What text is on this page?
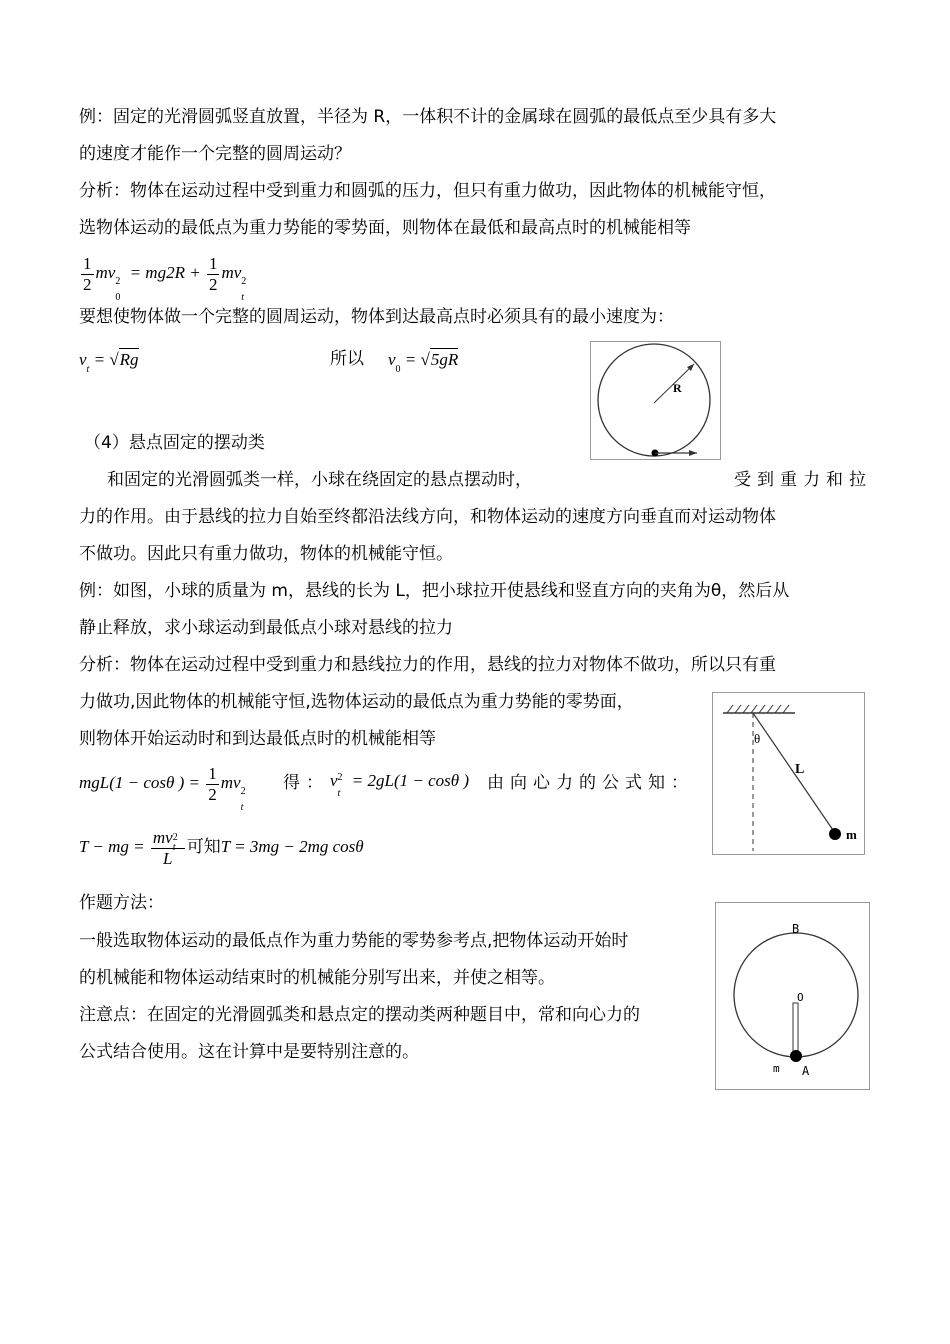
例：固定的光滑圆弧竖直放置，半径为 R，一体积不计的金属球在圆弧的最低点至少具有多大
的速度才能作一个完整的圆周运动？
分析：物体在运动过程中受到重力和圆弧的压力，但只有重力做功，因此物体的机械能守恒，
选物体运动的最低点为重力势能的零势面，则物体在最低和最高点时的机械能相等
$\frac{1}{2}$ mv 2
0
= $mg2R + \frac{1}{2}$ mv 2
t
要想使物体做一个完整的圆周运动，物体到达最高点时必须具有的最小速度为：
$v_t = √Rg$	所以 $v_0 = √5gR$
R
（4）悬点固定的摆动类
和固定的光滑圆弧类一样，小球在绕固定的悬点摆动时，	受到重力和拉
力的作用。由于悬线的拉力自始至终都沿法线方向，和物体运动的速度方向垂直而对运动物体
不做功。因此只有重力做功，物体的机械能守恒。
例：如图，小球的质量为 m，悬线的长为 L，把小球拉开使悬线和竖直方向的夹角为θ，然后从
静止释放，求小球运动到最低点小球对悬线的拉力
分析：物体在运动过程中受到重力和悬线拉力的作用，悬线的拉力对物体不做功，所以只有重
力做功,因此物体的机械能守恒,选物体运动的最低点为重力势能的零势面，
则物体开始运动时和到达最低点时的机械能相等
mgL(1 − cosθ ) = $\frac{1}{2}$ mv 2
t
得： v 2
t
= 2gL(1 − cosθ ) 由向心力的公式知：
T − mg = mv 2
t
L 可知T = 3mg − 2mg cosθ
θ
L
m
作题方法：
一般选取物体运动的最低点作为重力势能的零势参考点,把物体运动开始时
的机械能和物体运动结束时的机械能分别写出来，并使之相等。
注意点：在固定的光滑圆弧类和悬点定的摆动类两种题目中，常和向心力的
公式结合使用。这在计算中是要特别注意的。
B
O
m A
